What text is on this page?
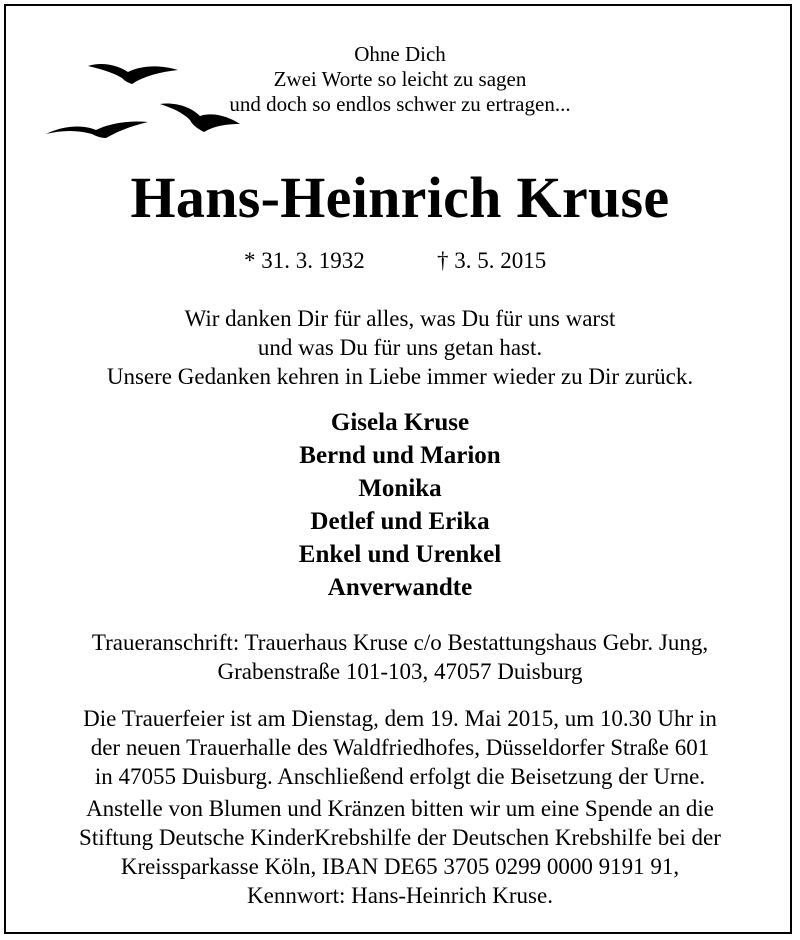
Ohne Dich
Zwei Worte so leicht zu sagen
und doch so endlos schwer zu ertragen...
Hans-Heinrich Kruse
* 31. 3. 1932	† 3. 5. 2015
Wir danken Dir für alles, was Du für uns warst
und was Du für uns getan hast.
Unsere Gedanken kehren in Liebe immer wieder zu Dir zurück.
Gisela Kruse
Bernd und Marion
Monika
Detlef und Erika
Enkel und Urenkel
Anverwandte
Traueranschrift: Trauerhaus Kruse c/o Bestattungshaus Gebr. Jung,
Grabenstraße 101-103, 47057 Duisburg
Die Trauerfeier ist am Dienstag, dem 19. Mai 2015, um 10.30 Uhr in
der neuen Trauerhalle des Waldfriedhofes, Düsseldorfer Straße 601
in 47055 Duisburg. Anschließend erfolgt die Beisetzung der Urne.
Anstelle von Blumen und Kränzen bitten wir um eine Spende an die
Stiftung Deutsche KinderKrebshilfe der Deutschen Krebshilfe bei der
Kreissparkasse Köln, IBAN DE65 3705 0299 0000 9191 91,
Kennwort: Hans-Heinrich Kruse.
